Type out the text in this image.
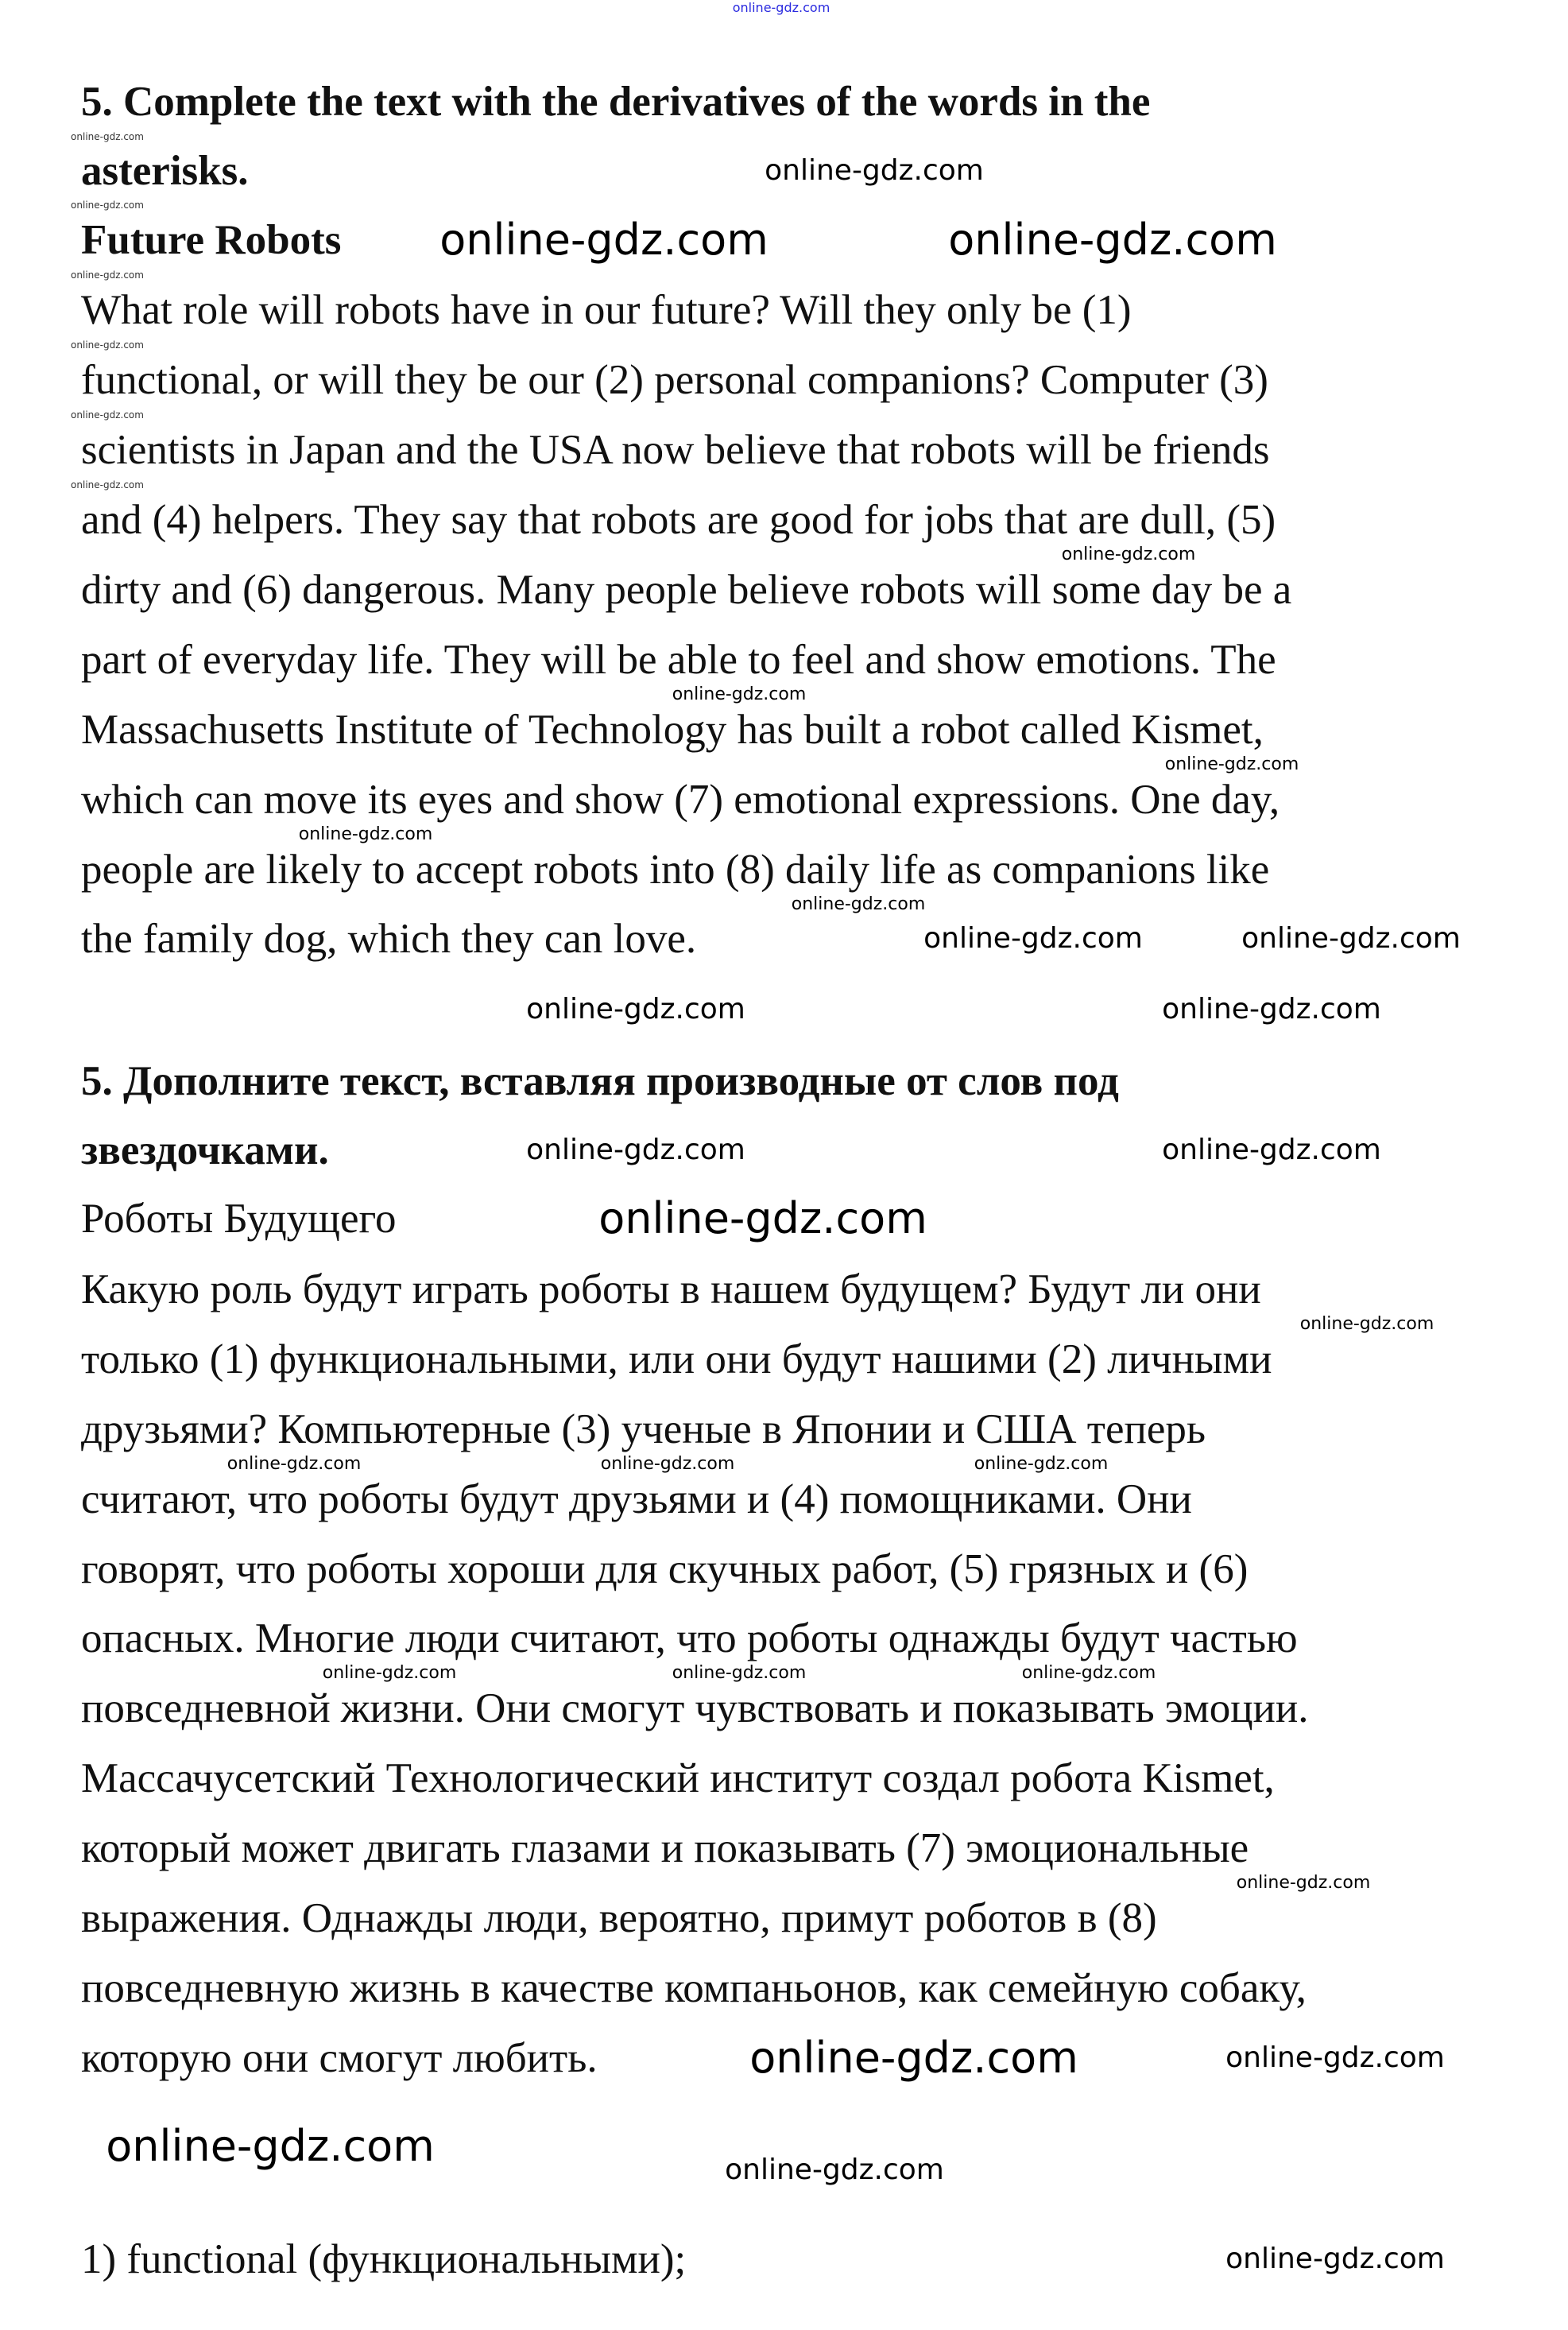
5. Complete the text with the derivatives of the words in the
asterisks.
Future Robots
What role will robots have in our future? Will they only be (1)
functional, or will they be our (2) personal companions? Computer (3)
scientists in Japan and the USA now believe that robots will be friends
and (4) helpers. They say that robots are good for jobs that are dull, (5)
dirty and (6) dangerous. Many people believe robots will some day be a
part of everyday life. They will be able to feel and show emotions. The
Massachusetts Institute of Technology has built a robot called Kismet,
which can move its eyes and show (7) emotional expressions. One day,
people are likely to accept robots into (8) daily life as companions like
the family dog, which they can love.
5. Дополните текст, вставляя производные от слов под
звездочками.
Роботы Будущего
Какую роль будут играть роботы в нашем будущем? Будут ли они
только (1) функциональными, или они будут нашими (2) личными
друзьями? Компьютерные (3) ученые в Японии и США теперь
считают, что роботы будут друзьями и (4) помощниками. Они
говорят, что роботы хороши для скучных работ, (5) грязных и (6)
опасных. Многие люди считают, что роботы однажды будут частью
повседневной жизни. Они смогут чувствовать и показывать эмоции.
Массачусетский Технологический институт создал робота Kismet,
который может двигать глазами и показывать (7) эмоциональные
выражения. Однажды люди, вероятно, примут роботов в (8)
повседневную жизнь в качестве компаньонов, как семейную собаку,
которую они смогут любить.
1) functional (функциональными);
online-gdz.com
online-gdz.com
online-gdz.com
online-gdz.com
online-gdz.com
online-gdz.com
online-gdz.com
online-gdz.com
online-gdz.com	online-gdz.com
online-gdz.com
online-gdz.com
online-gdz.com
online-gdz.com
online-gdz.com
online-gdz.com	online-gdz.com
online-gdz.com	online-gdz.com
online-gdz.com	online-gdz.com
online-gdz.com
online-gdz.com
online-gdz.com	online-gdz.com	online-gdz.com
online-gdz.com	online-gdz.com	online-gdz.com
online-gdz.com
online-gdz.com	online-gdz.com
online-gdz.com	online-gdz.com
online-gdz.com
